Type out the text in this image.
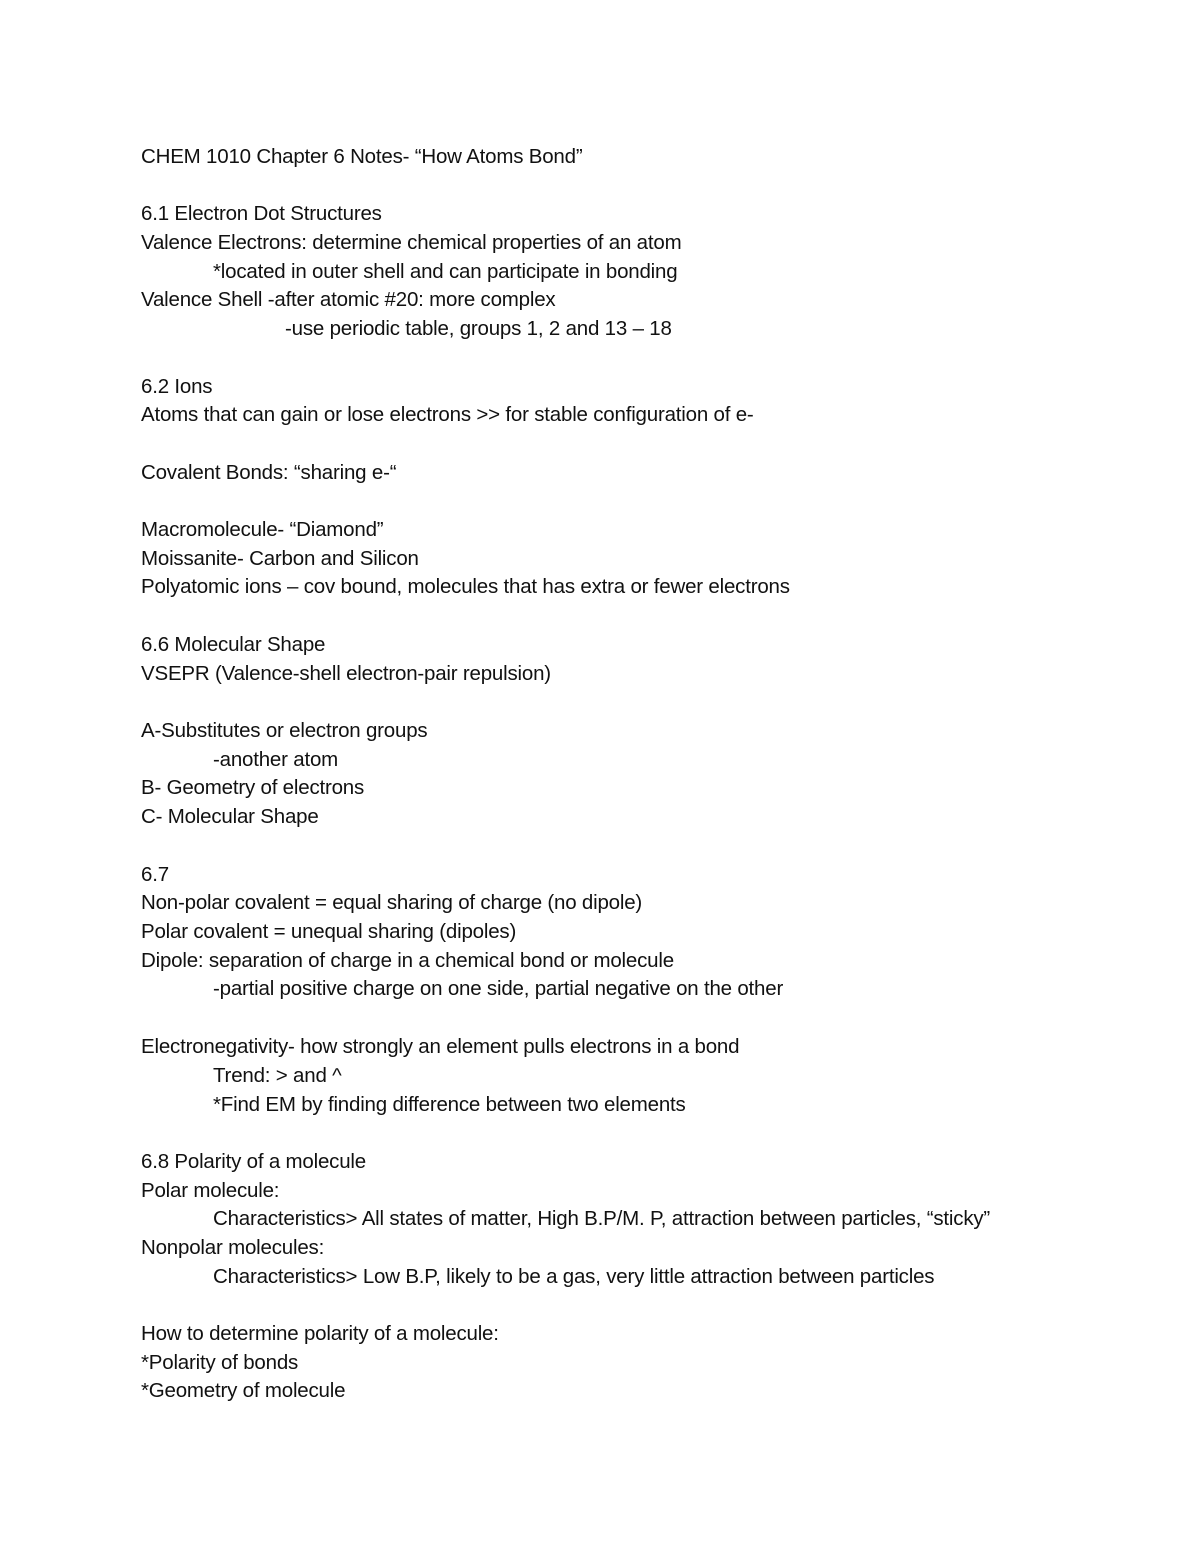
CHEM 1010 Chapter 6 Notes- “How Atoms Bond”
6.1 Electron Dot Structures
Valence Electrons: determine chemical properties of an atom
*located in outer shell and can participate in bonding
Valence Shell -after atomic #20: more complex
-use periodic table, groups 1, 2 and 13 – 18
6.2 Ions
Atoms that can gain or lose electrons >> for stable configuration of e-
Covalent Bonds: “sharing e-“
Macromolecule- “Diamond”
Moissanite- Carbon and Silicon
Polyatomic ions – cov bound, molecules that has extra or fewer electrons
6.6 Molecular Shape
VSEPR (Valence-shell electron-pair repulsion)
A-Substitutes or electron groups
-another atom
B- Geometry of electrons
C- Molecular Shape
6.7
Non-polar covalent = equal sharing of charge (no dipole)
Polar covalent = unequal sharing (dipoles)
Dipole: separation of charge in a chemical bond or molecule
-partial positive charge on one side, partial negative on the other
Electronegativity- how strongly an element pulls electrons in a bond
Trend: > and ^
*Find EM by finding difference between two elements
6.8 Polarity of a molecule
Polar molecule:
Characteristics> All states of matter, High B.P/M. P, attraction between particles, “sticky”
Nonpolar molecules:
Characteristics> Low B.P, likely to be a gas, very little attraction between particles
How to determine polarity of a molecule:
*Polarity of bonds
*Geometry of molecule
